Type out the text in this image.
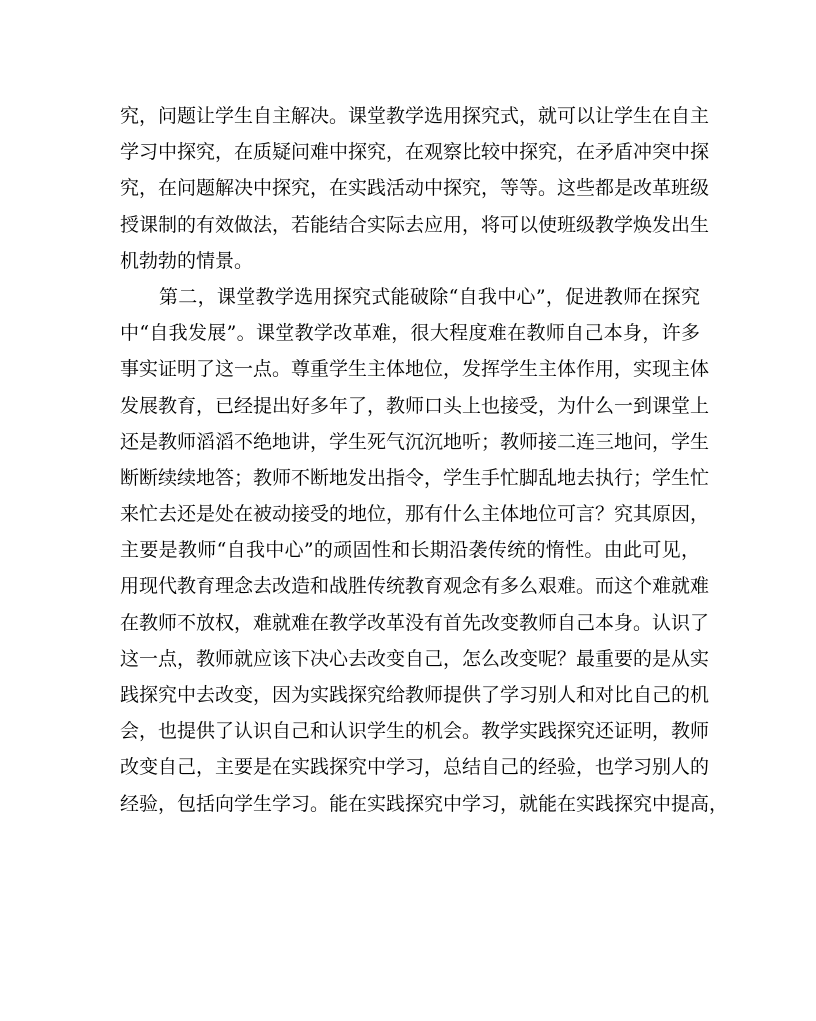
究，问题让学生自主解决。课堂教学选用探究式，就可以让学生在自主
学习中探究，在质疑问难中探究，在观察比较中探究，在矛盾冲突中探
究，在问题解决中探究，在实践活动中探究，等等。这些都是改革班级
授课制的有效做法，若能结合实际去应用，将可以使班级教学焕发出生
机勃勃的情景。
第二，课堂教学选用探究式能破除“自我中心”，促进教师在探究
中“自我发展”。课堂教学改革难，很大程度难在教师自己本身，许多
事实证明了这一点。尊重学生主体地位，发挥学生主体作用，实现主体
发展教育，已经提出好多年了，教师口头上也接受，为什么一到课堂上
还是教师滔滔不绝地讲，学生死气沉沉地听；教师接二连三地问，学生
断断续续地答；教师不断地发出指令，学生手忙脚乱地去执行；学生忙
来忙去还是处在被动接受的地位，那有什么主体地位可言？究其原因，
主要是教师“自我中心”的顽固性和长期沿袭传统的惰性。由此可见，
用现代教育理念去改造和战胜传统教育观念有多么艰难。而这个难就难
在教师不放权，难就难在教学改革没有首先改变教师自己本身。认识了
这一点，教师就应该下决心去改变自己，怎么改变呢？最重要的是从实
践探究中去改变，因为实践探究给教师提供了学习别人和对比自己的机
会，也提供了认识自己和认识学生的机会。教学实践探究还证明，教师
改变自己，主要是在实践探究中学习，总结自己的经验，也学习别人的
经验，包括向学生学习。能在实践探究中学习，就能在实践探究中提高，
